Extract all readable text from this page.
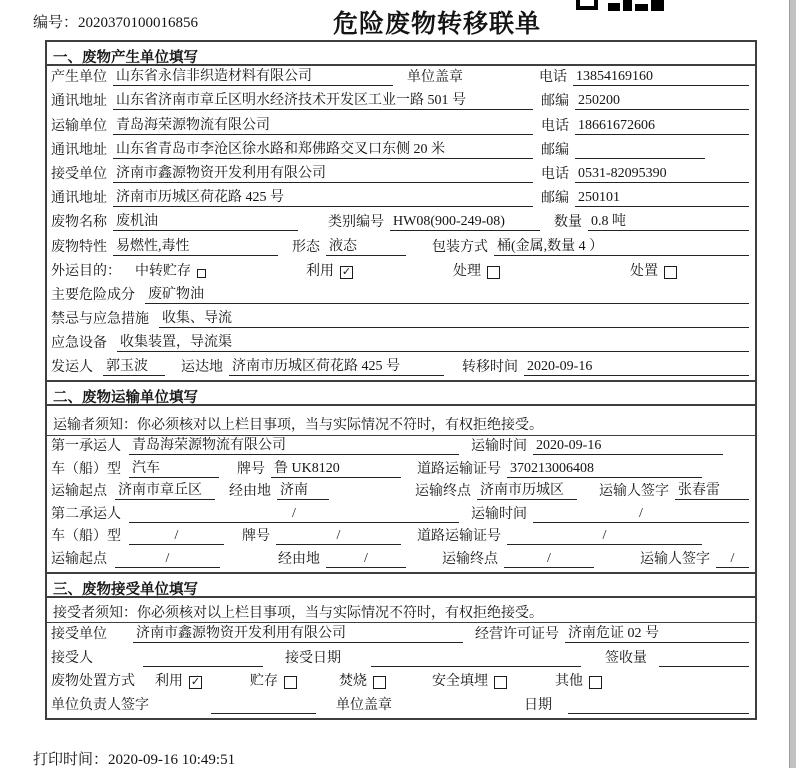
编号：2020370100016856	危险废物转移联单
一、废物产生单位填写
产生单位 山东省永信非织造材料有限公司	单位盖章	电话 13854169160
通讯地址 山东省济南市章丘区明水经济技术开发区工业一路 501 号	邮编 250200
运输单位 青岛海荣源物流有限公司	电话 18661672606
通讯地址 山东省青岛市李沧区徐水路和郑佛路交叉口东侧 20 米	邮编
接受单位 济南市鑫源物资开发利用有限公司	电话 0531-82095390
通讯地址 济南市历城区荷花路 425 号	邮编 250101
废物名称 废机油	类别编号 HW08(900-249-08)	数量 0.8 吨
废物特性 易燃性,毒性	形态 液态	包装方式 桶(金属,数量 4 ）
外运目的： 中转贮存	利用 ✓	处理	处置
主要危险成分 废矿物油
禁忌与应急措施 收集、导流
应急设备 收集装置，导流渠
发运人 郭玉波	运达地 济南市历城区荷花路 425 号	转移时间 2020-09-16
二、废物运输单位填写
运输者须知：你必须核对以上栏目事项，当与实际情况不符时，有权拒绝接受。
第一承运人 青岛海荣源物流有限公司	运输时间 2020-09-16
车（船）型 汽车	牌号 鲁 UK8120	道路运输证号 370213006408
运输起点 济南市章丘区	经由地 济南	运输终点 济南市历城区	运输人签字 张春雷
第二承运人	/	运输时间	/
车（船）型	/	牌号	/	道路运输证号	/
运输起点	/	经由地	/	运输终点	/	运输人签字	/
三、废物接受单位填写
接受者须知：你必须核对以上栏目事项，当与实际情况不符时，有权拒绝接受。
接受单位 济南市鑫源物资开发利用有限公司	经营许可证号 济南危证 02 号
接受人	接受日期	签收量
废物处置方式 利用 ✓	贮存	焚烧	安全填埋	其他
单位负责人签字	单位盖章	日期
打印时间：2020-09-16 10:49:51
